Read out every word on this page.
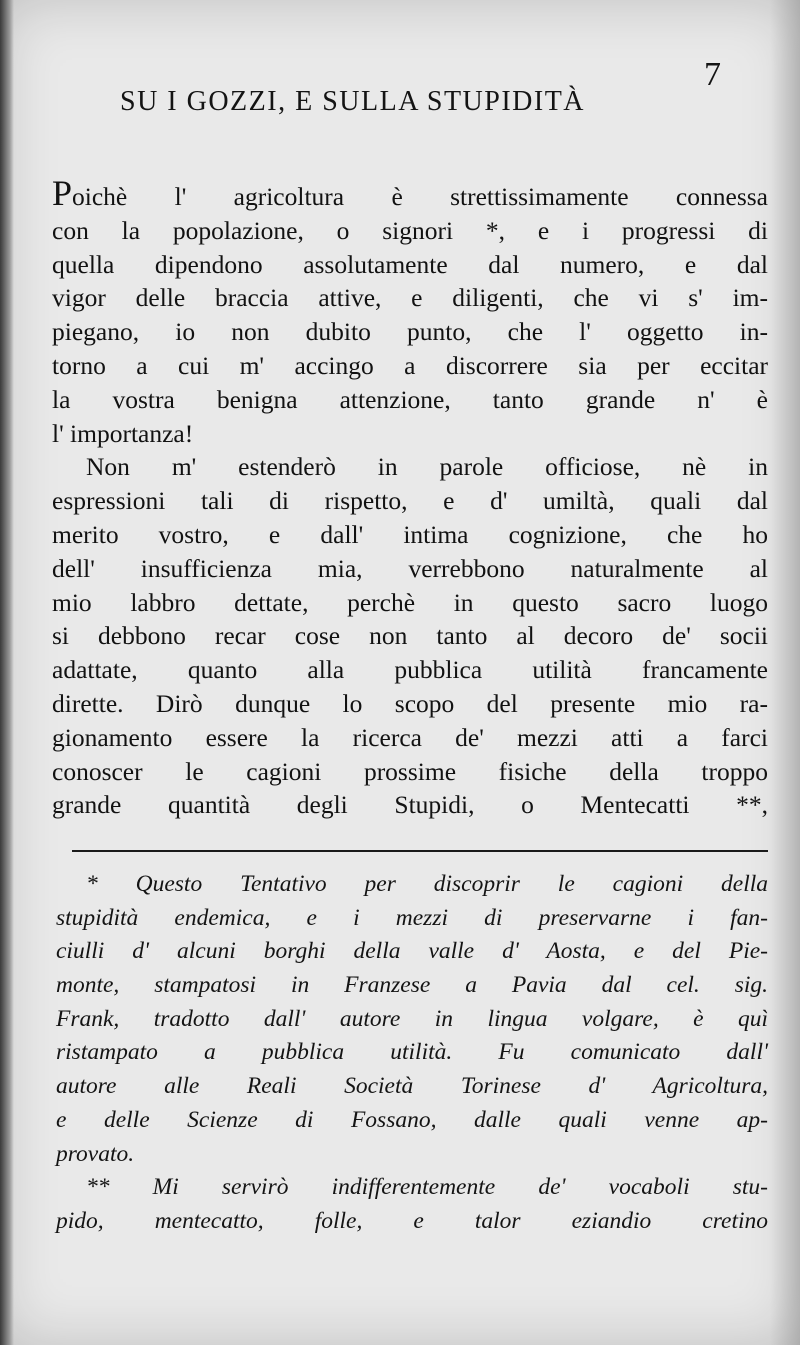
7
SU I GOZZI, E SULLA STUPIDITÀ
Poichè l' agricoltura è strettissimamente connessa
con la popolazione, o signori *, e i progressi di
quella dipendono assolutamente dal numero, e dal
vigor delle braccia attive, e diligenti, che vi s' im-
piegano, io non dubito punto, che l' oggetto in-
torno a cui m' accingo a discorrere sia per eccitar
la vostra benigna attenzione, tanto grande n' è
l' importanza!
Non m' estenderò in parole officiose, nè in
espressioni tali di rispetto, e d' umiltà, quali dal
merito vostro, e dall' intima cognizione, che ho
dell' insufficienza mia, verrebbono naturalmente al
mio labbro dettate, perchè in questo sacro luogo
si debbono recar cose non tanto al decoro de' socii
adattate, quanto alla pubblica utilità francamente
dirette. Dirò dunque lo scopo del presente mio ra-
gionamento essere la ricerca de' mezzi atti a farci
conoscer le cagioni prossime fisiche della troppo
grande quantità degli Stupidi, o Mentecatti **,
* Questo Tentativo per discoprir le cagioni della
stupidità endemica, e i mezzi di preservarne i fan-
ciulli d' alcuni borghi della valle d' Aosta, e del Pie-
monte, stampatosi in Franzese a Pavia dal cel. sig.
Frank, tradotto dall' autore in lingua volgare, è quì
ristampato a pubblica utilità. Fu comunicato dall'
autore alle Reali Società Torinese d' Agricoltura,
e delle Scienze di Fossano, dalle quali venne ap-
provato.
** Mi servirò indifferentemente de' vocaboli stu-
pido, mentecatto, folle, e talor eziandio cretino
